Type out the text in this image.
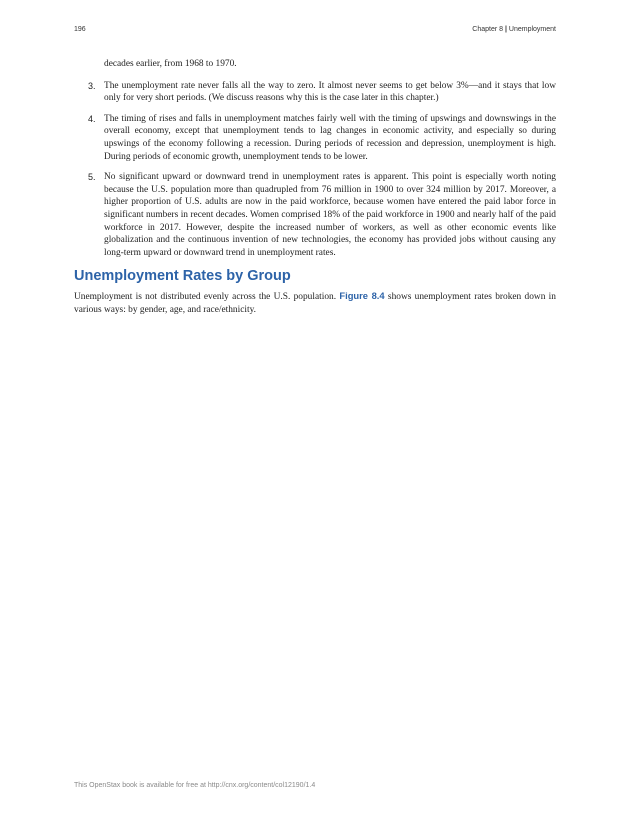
196	Chapter 8 | Unemployment

decades earlier, from 1968 to 1970.

3. The unemployment rate never falls all the way to zero. It almost never seems to get below 3%—and it stays that low only for very short periods. (We discuss reasons why this is the case later in this chapter.)
4. The timing of rises and falls in unemployment matches fairly well with the timing of upswings and downswings in the overall economy, except that unemployment tends to lag changes in economic activity, and especially so during upswings of the economy following a recession. During periods of recession and depression, unemployment is high. During periods of economic growth, unemployment tends to be lower.
5. No significant upward or downward trend in unemployment rates is apparent. This point is especially worth noting because the U.S. population more than quadrupled from 76 million in 1900 to over 324 million by 2017. Moreover, a higher proportion of U.S. adults are now in the paid workforce, because women have entered the paid labor force in significant numbers in recent decades. Women comprised 18% of the paid workforce in 1900 and nearly half of the paid workforce in 2017. However, despite the increased number of workers, as well as other economic events like globalization and the continuous invention of new technologies, the economy has provided jobs without causing any long-term upward or downward trend in unemployment rates.
Unemployment Rates by Group

Unemployment is not distributed evenly across the U.S. population. Figure 8.4 shows unemployment rates broken down in various ways: by gender, age, and race/ethnicity.

This OpenStax book is available for free at http://cnx.org/content/col12190/1.4
